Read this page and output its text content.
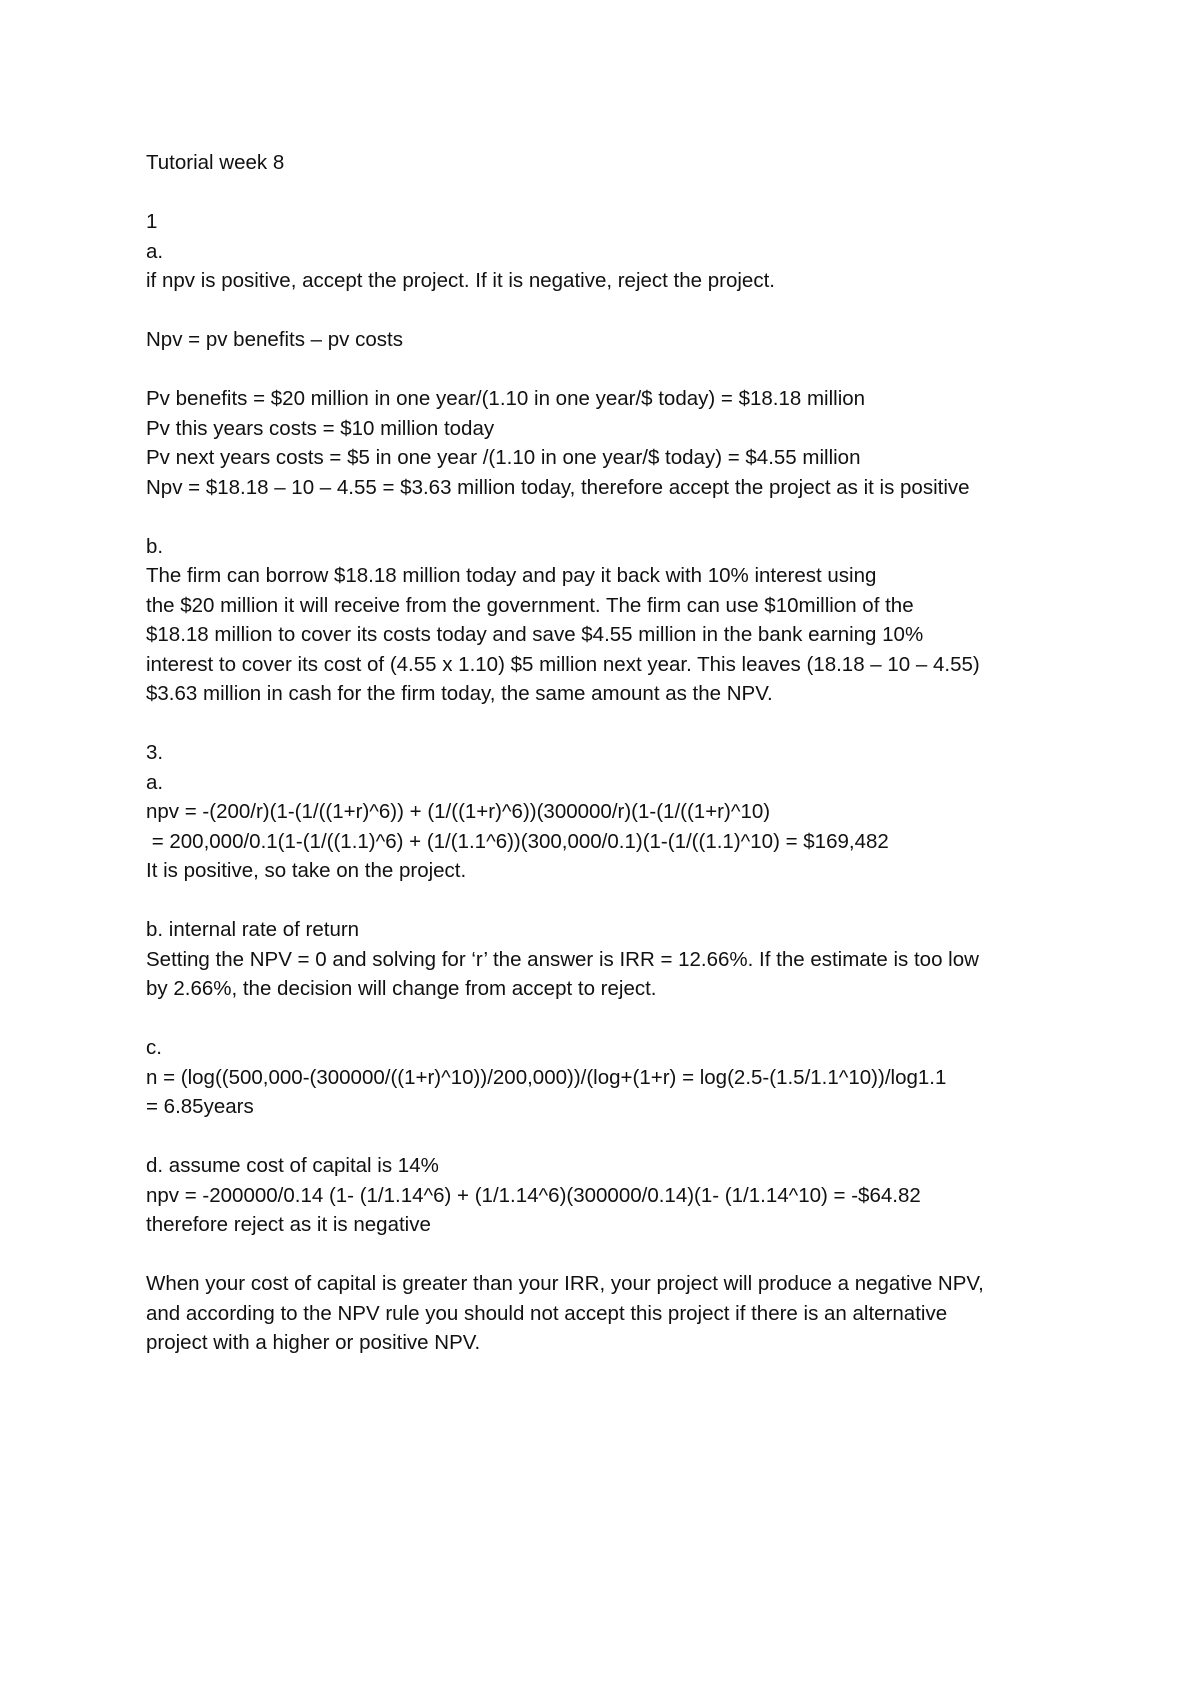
Tutorial week 8
1
a.
if npv is positive, accept the project. If it is negative, reject the project.
Npv = pv benefits – pv costs
Pv benefits = $20 million in one year/(1.10 in one year/$ today) = $18.18 million
Pv this years costs = $10 million today
Pv next years costs = $5 in one year /(1.10 in one year/$ today) = $4.55 million
Npv = $18.18 – 10 – 4.55 = $3.63 million today, therefore accept the project as it is positive
b.
The firm can borrow $18.18 million today and pay it back with 10% interest using
the $20 million it will receive from the government. The firm can use $10million of the
$18.18 million to cover its costs today and save $4.55 million in the bank earning 10%
interest to cover its cost of (4.55 x 1.10) $5 million next year. This leaves (18.18 – 10 – 4.55)
$3.63 million in cash for the firm today, the same amount as the NPV.
3.
a.
npv = -(200/r)(1-(1/((1+r)^6)) + (1/((1+r)^6))(300000/r)(1-(1/((1+r)^10)
= 200,000/0.1(1-(1/((1.1)^6) + (1/(1.1^6))(300,000/0.1)(1-(1/((1.1)^10) = $169,482
It is positive, so take on the project.
b. internal rate of return
Setting the NPV = 0 and solving for ‘r’ the answer is IRR = 12.66%. If the estimate is too low
by 2.66%, the decision will change from accept to reject.
c.
n = (log((500,000-(300000/((1+r)^10))/200,000))/(log+(1+r) = log(2.5-(1.5/1.1^10))/log1.1
= 6.85years
d. assume cost of capital is 14%
npv = -200000/0.14 (1- (1/1.14^6) + (1/1.14^6)(300000/0.14)(1- (1/1.14^10) = -$64.82
therefore reject as it is negative
When your cost of capital is greater than your IRR, your project will produce a negative NPV,
and according to the NPV rule you should not accept this project if there is an alternative
project with a higher or positive NPV.
